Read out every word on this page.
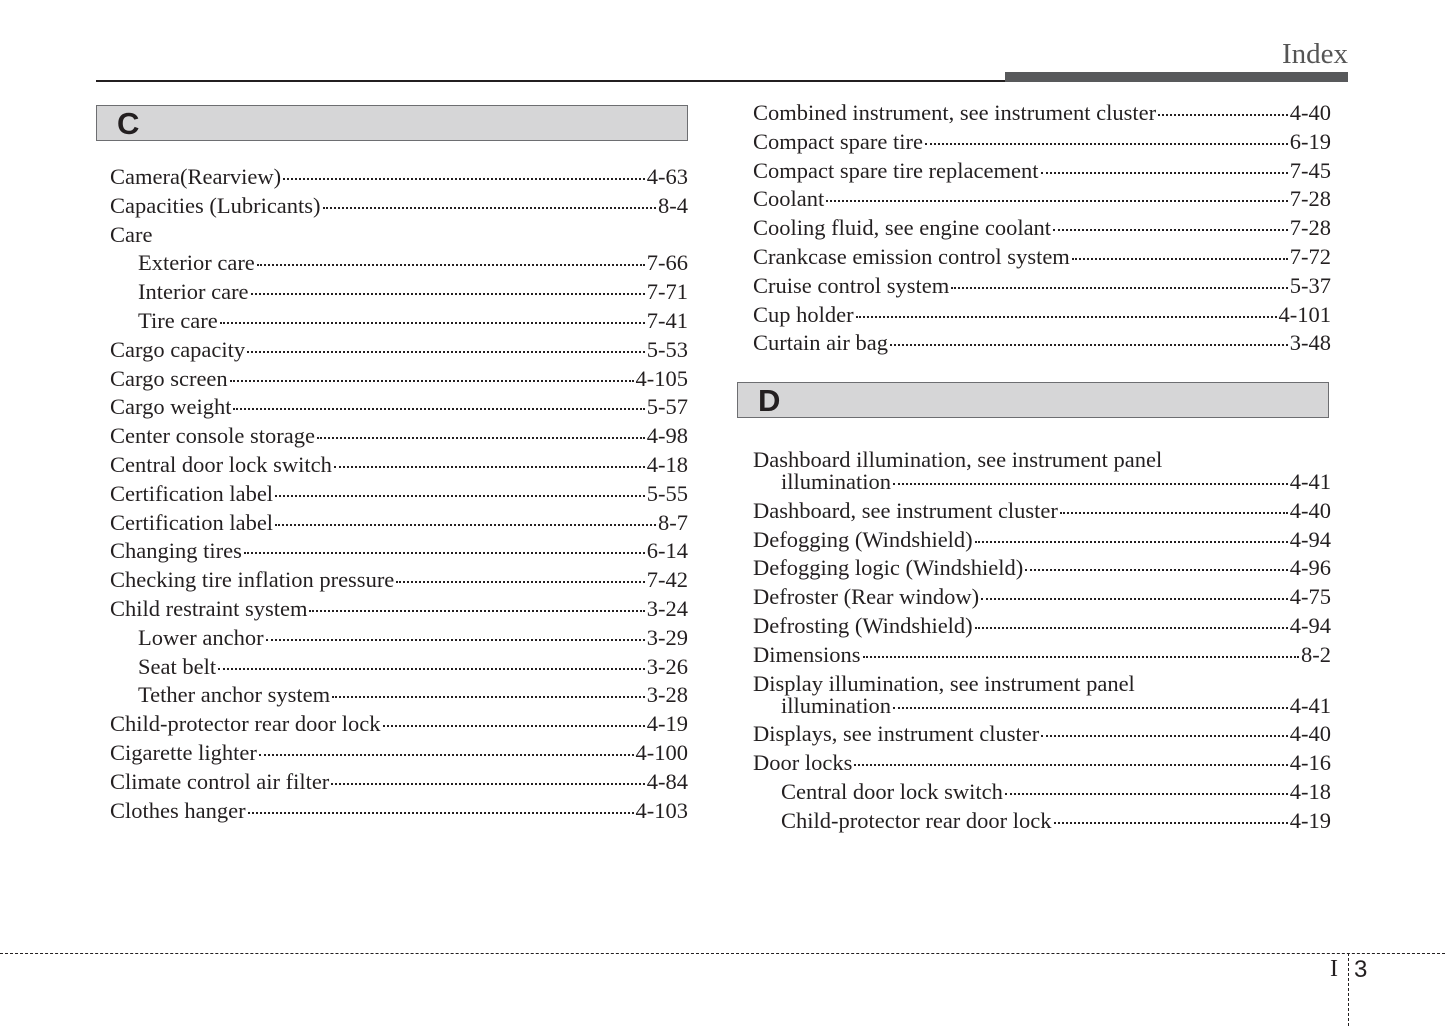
Index
C
Camera(Rearview)	4-63
Capacities (Lubricants)	8-4
Care
Exterior care	7-66
Interior care	7-71
Tire care	7-41
Cargo capacity	5-53
Cargo screen	4-105
Cargo weight	5-57
Center console storage	4-98
Central door lock switch	4-18
Certification label	5-55
Certification label	8-7
Changing tires	6-14
Checking tire inflation pressure	7-42
Child restraint system	3-24
Lower anchor	3-29
Seat belt	3-26
Tether anchor system	3-28
Child-protector rear door lock	4-19
Cigarette lighter	4-100
Climate control air filter	4-84
Clothes hanger	4-103
Combined instrument, see instrument cluster	4-40
Compact spare tire	6-19
Compact spare tire replacement	7-45
Coolant	7-28
Cooling fluid, see engine coolant	7-28
Crankcase emission control system	7-72
Cruise control system	5-37
Cup holder	4-101
Curtain air bag	3-48
D
Dashboard illumination, see instrument panel
illumination	4-41
Dashboard, see instrument cluster	4-40
Defogging (Windshield)	4-94
Defogging logic (Windshield)	4-96
Defroster (Rear window)	4-75
Defrosting (Windshield)	4-94
Dimensions	8-2
Display illumination, see instrument panel
illumination	4-41
Displays, see instrument cluster	4-40
Door locks	4-16
Central door lock switch	4-18
Child-protector rear door lock	4-19
I 3
